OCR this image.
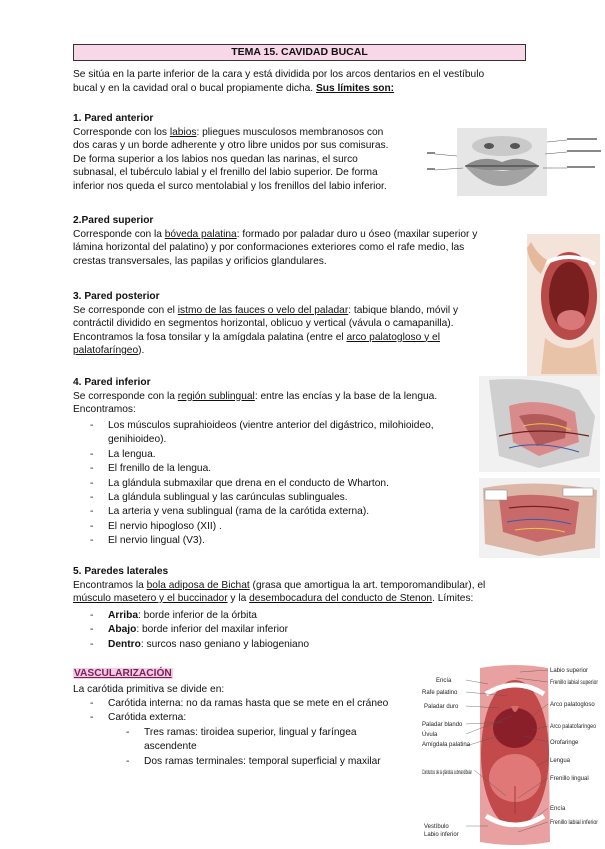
TEMA 15. CAVIDAD BUCAL
Se sitúa en la parte inferior de la cara y está dividida por los arcos dentarios en el vestíbulo
bucal y en la cavidad oral o bucal propiamente dicha. Sus límites son:
1. Pared anterior
Corresponde con los labios: pliegues musculosos membranosos con
dos caras y un borde adherente y otro libre unidos por sus comisuras.
De forma superior a los labios nos quedan las narinas, el surco
subnasal, el tubérculo labial y el frenillo del labio superior. De forma
inferior nos queda el surco mentolabial y los frenillos del labio inferior.
2.Pared superior
Corresponde con la bóveda palatina: formado por paladar duro u óseo (maxilar superior y
lámina horizontal del palatino) y por conformaciones exteriores como el rafe medio, las
crestas transversales, las papilas y orificios glandulares.
3. Pared posterior
Se corresponde con el istmo de las fauces o velo del paladar: tabique blando, móvil y
contráctil dividido en segmentos horizontal, oblicuo y vertical (vávula o camapanilla).
Encontramos la fosa tonsilar y la amígdala palatina (entre el arco palatogloso y el
palatofaríngeo).
4. Pared inferior
Se corresponde con la región sublingual: entre las encías y la base de la lengua.
Encontramos:
- Los músculos suprahioideos (vientre anterior del digástrico, milohioideo,
genihioideo).
- La lengua.
- El frenillo de la lengua.
- La glándula submaxilar que drena en el conducto de Wharton.
- La glándula sublingual y las carúnculas sublinguales.
- La arteria y vena sublingual (rama de la carótida externa).
- El nervio hipogloso (XII) .
- El nervio lingual (V3).
5. Paredes laterales
Encontramos la bola adiposa de Bichat (grasa que amortigua la art. temporomandibular), el
músculo masetero y el buccinador y la desembocadura del conducto de Stenon. Límites:
- Arriba: borde inferior de la órbita
- Abajo: borde inferior del maxilar inferior
- Dentro: surcos naso geniano y labiogeniano
VASCULARIZACIÓN
La carótida primitiva se divide en:
- Carótida interna: no da ramas hasta que se mete en el cráneo
- Carótida externa:
- Tres ramas: tiroidea superior, lingual y faríngea
ascendente
- Dos ramas terminales: temporal superficial y maxilar
Encía
Rafe palatino
Paladar duro
Paladar blando
Úvula
Amígdala palatina
Conductos de la glándula submandibular
Vestíbulo
Labio inferior
Labio superior
Frenillo labial superior
Arco palatogloso
Arco palatofaríngeo
Orofaringe
Lengua
Frenillo lingual
Encía
Frenillo labial inferior
